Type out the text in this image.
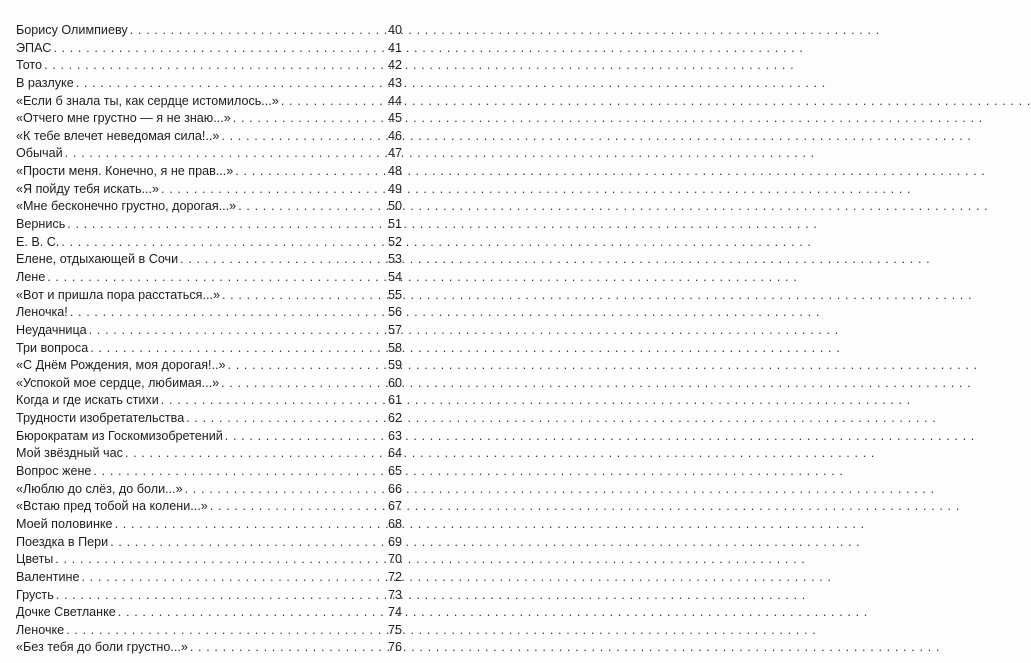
Борису Олимпиеву . . .	40
ЭПАС . . .	41
Тото . . .	42
В разлуке . . .	43
«Если б знала ты, как сердце истомилось...» . . .	44
«Отчего мне грустно — я не знаю...» . . .	45
«К тебе влечет неведомая сила!..» . . .	46
Обычай . . .	47
«Прости меня. Конечно, я не прав...» . . .	48
«Я пойду тебя искать...» . . .	49
«Мне бесконечно грустно, дорогая...» . . .	50
Вернись . . .	51
Е. В. С. . . .	52
Елене, отдыхающей в Сочи . . .	53
Лене . . .	54
«Вот и пришла пора расстаться...» . . .	55
Леночка! . . .	56
Неудачница . . .	57
Три вопроса . . .	58
«С Днём Рождения, моя дорогая!..» . . .	59
«Успокой мое сердце, любимая...» . . .	60
Когда и где искать стихи . . .	61
Трудности изобретательства . . .	62
Бюрократам из Госкомизобретений . . .	63
Мой звёздный час . . .	64
Вопрос жене . . .	65
«Люблю до слёз, до боли...» . . .	66
«Встаю пред тобой на колени...» . . .	67
Моей половинке . . .	68
Поездка в Пери . . .	69
Цветы . . .	70
Валентине . . .	72
Грусть . . .	73
Дочке Светланке . . .	74
Леночке . . .	75
«Без тебя до боли грустно...» . . .	76
